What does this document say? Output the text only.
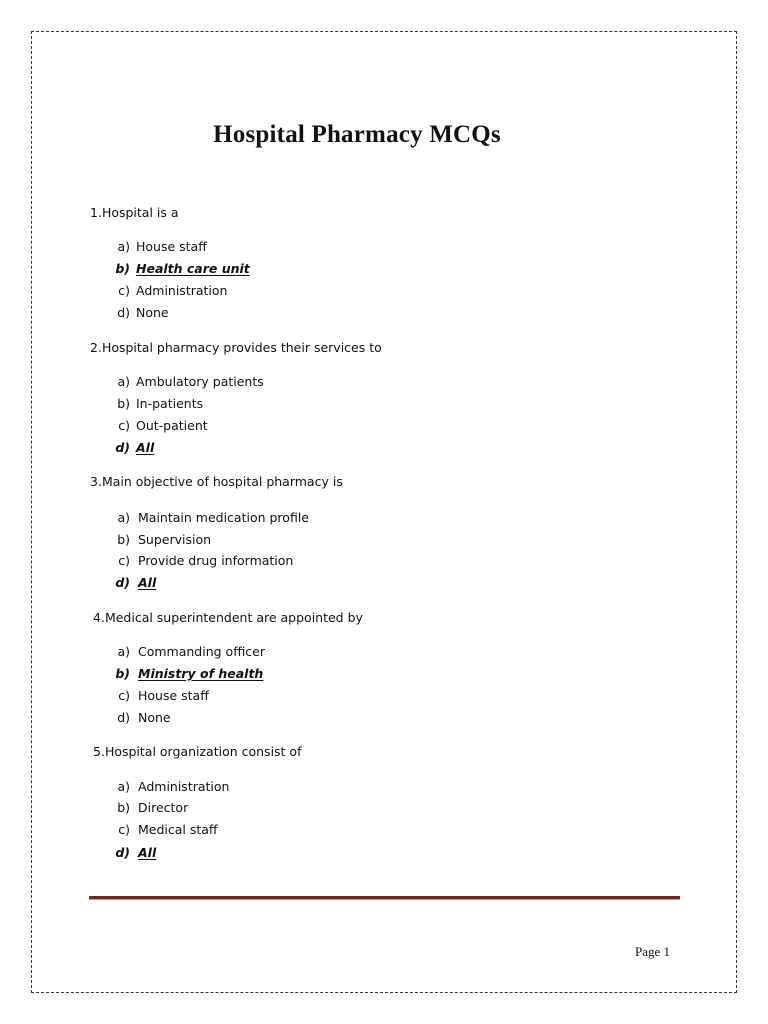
Hospital Pharmacy MCQs
1.Hospital is a
a) House staff
b) Health care unit
c) Administration
d) None
2.Hospital pharmacy provides their services to
a) Ambulatory patients
b) In-patients
c) Out-patient
d) All
3.Main objective of hospital pharmacy is
a) Maintain medication profile
b) Supervision
c) Provide drug information
d) All
4.Medical superintendent are appointed by
a) Commanding officer
b) Ministry of health
c) House staff
d) None
5.Hospital organization consist of
a) Administration
b) Director
c) Medical staff
d) All
Page 1
